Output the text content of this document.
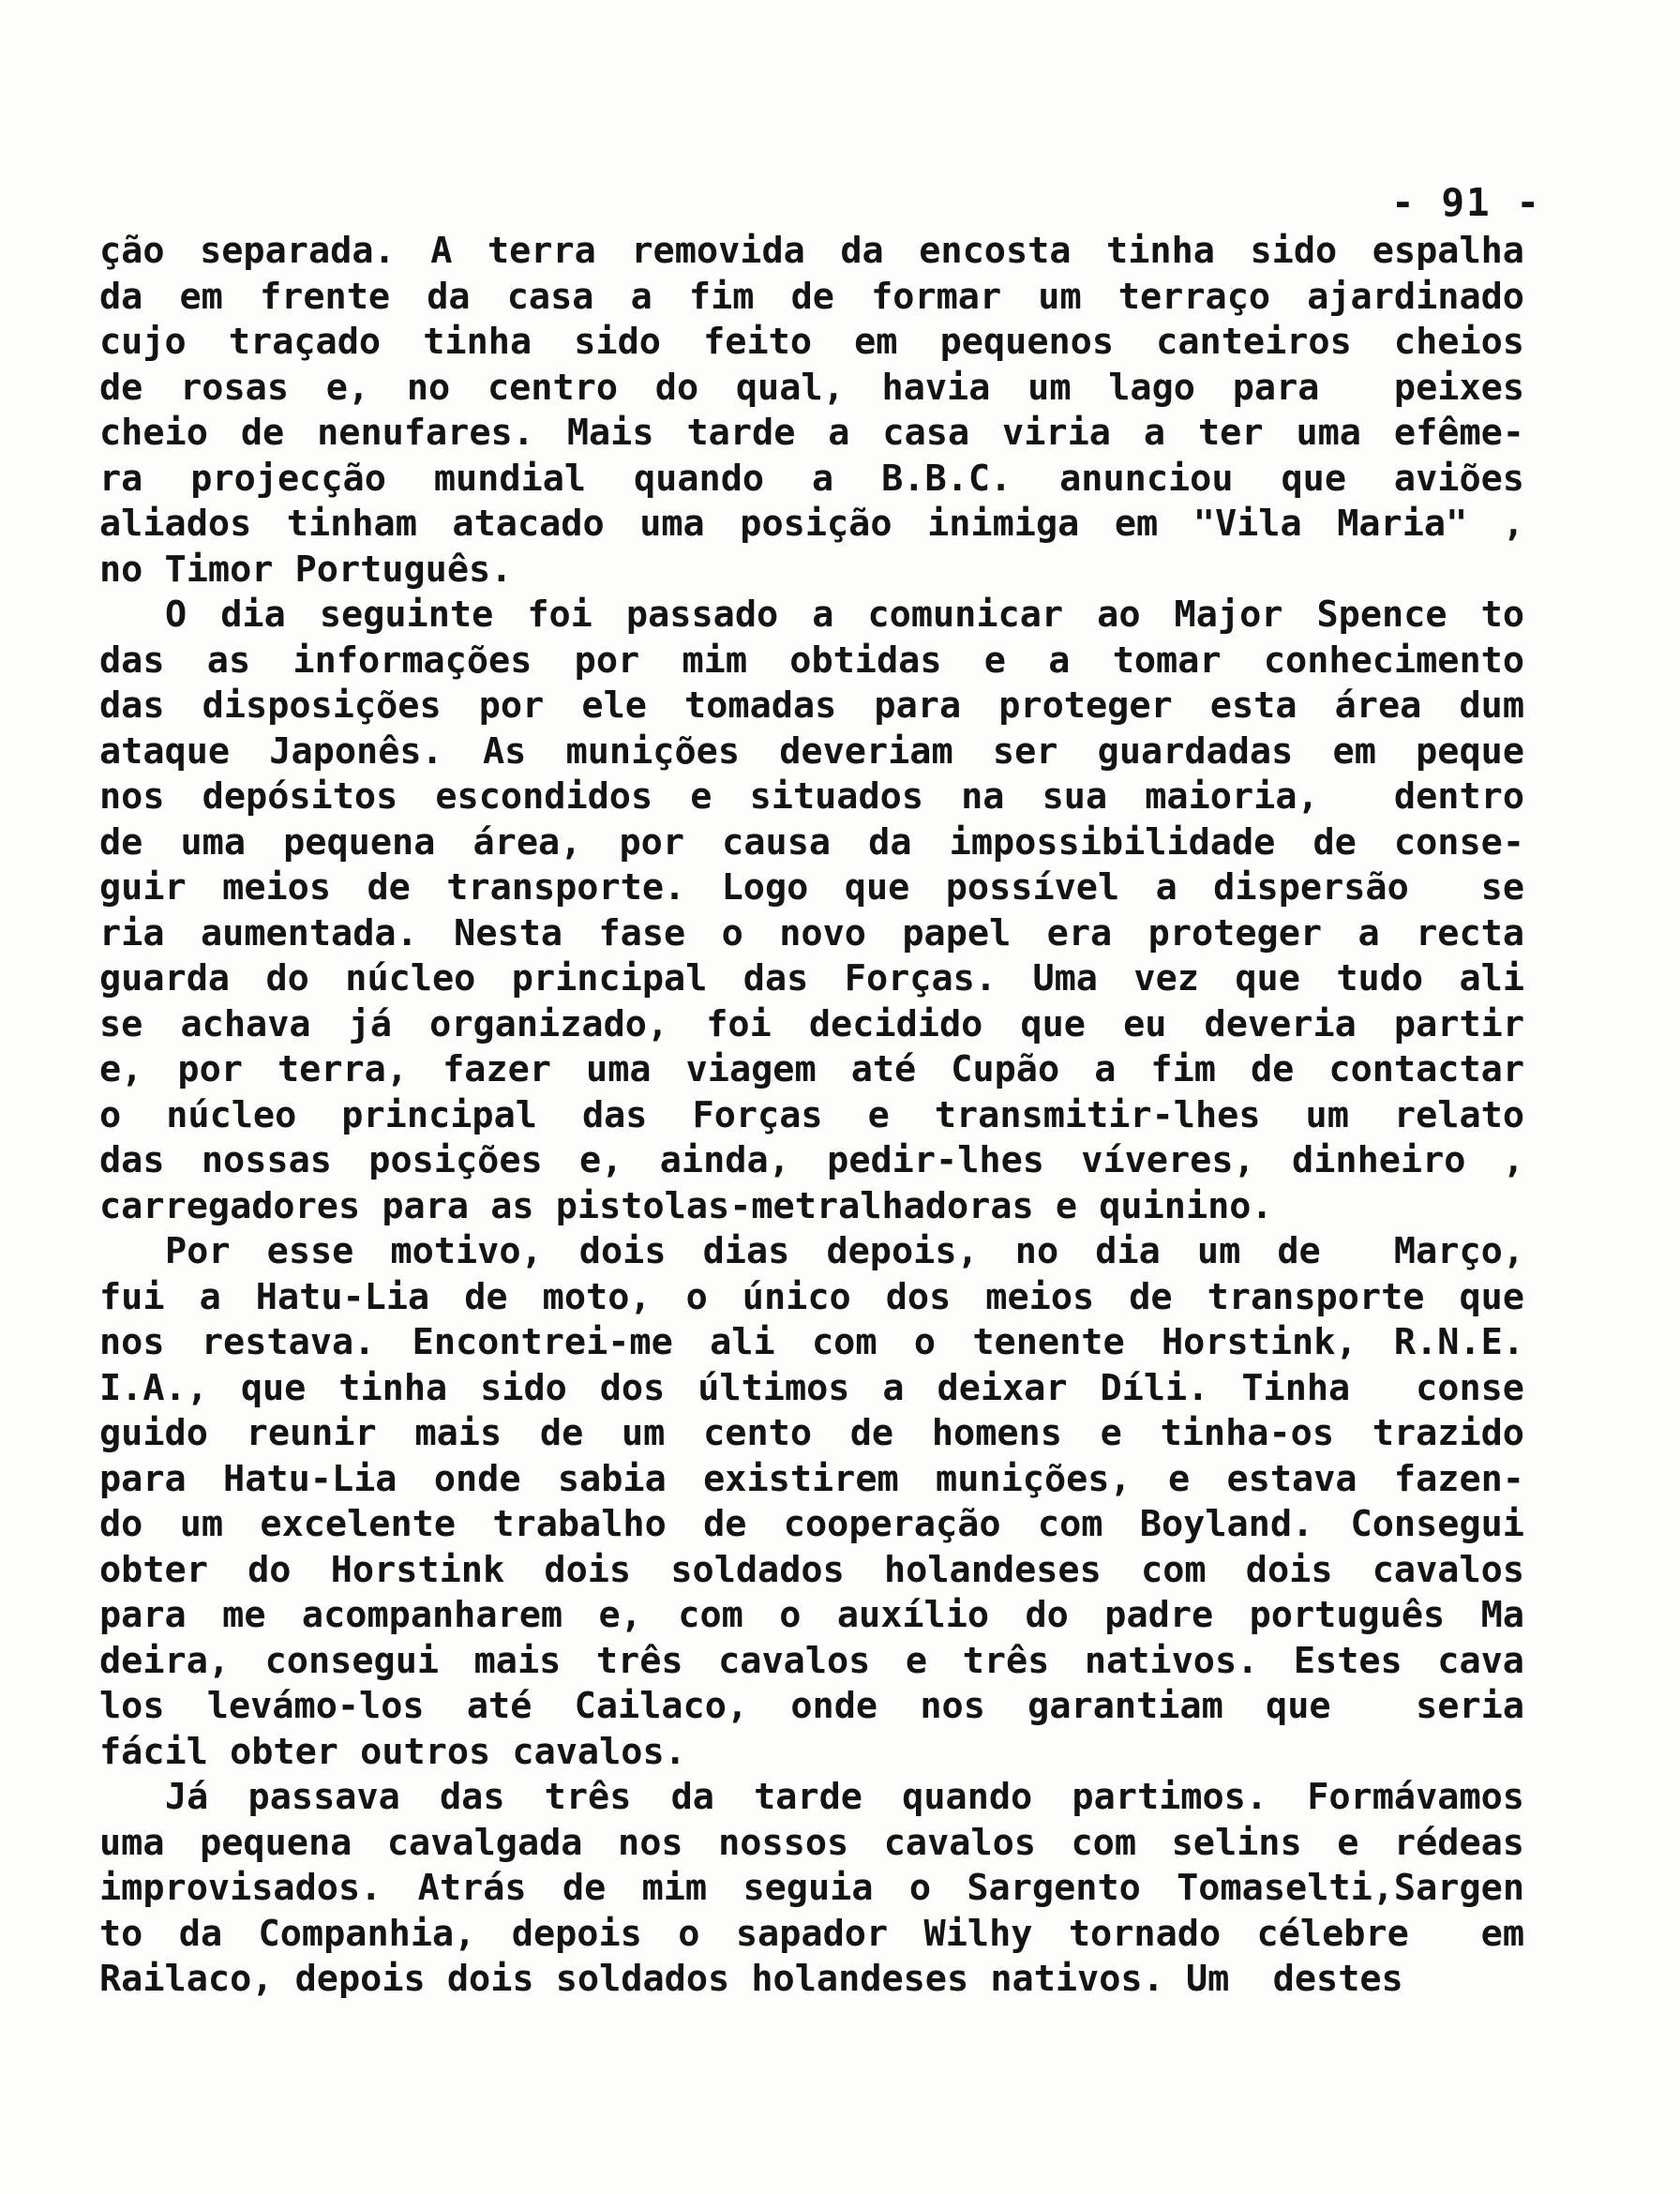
- 91 -
ção separada. A terra removida da encosta tinha sido espalha
da em frente da casa a fim de formar um terraço ajardinado
cujo traçado tinha sido feito em pequenos canteiros cheios
de rosas e, no centro do qual, havia um lago para  peixes
cheio de nenufares. Mais tarde a casa viria a ter uma efême-
ra projecção mundial quando a B.B.C. anunciou que aviões
aliados tinham atacado uma posição inimiga em "Vila Maria" ,
no Timor Português.
O dia seguinte foi passado a comunicar ao Major Spence to
das as informações por mim obtidas e a tomar conhecimento
das disposições por ele tomadas para proteger esta área dum
ataque Japonês. As munições deveriam ser guardadas em peque
nos depósitos escondidos e situados na sua maioria,  dentro
de uma pequena área, por causa da impossibilidade de conse-
guir meios de transporte. Logo que possível a dispersão  se
ria aumentada. Nesta fase o novo papel era proteger a recta
guarda do núcleo principal das Forças. Uma vez que tudo ali
se achava já organizado, foi decidido que eu deveria partir
e, por terra, fazer uma viagem até Cupão a fim de contactar
o núcleo principal das Forças e transmitir-lhes um relato
das nossas posições e, ainda, pedir-lhes víveres, dinheiro ,
carregadores para as pistolas-metralhadoras e quinino.
Por esse motivo, dois dias depois, no dia um de  Março,
fui a Hatu-Lia de moto, o único dos meios de transporte que
nos restava. Encontrei-me ali com o tenente Horstink, R.N.E.
I.A., que tinha sido dos últimos a deixar Díli. Tinha  conse
guido reunir mais de um cento de homens e tinha-os trazido
para Hatu-Lia onde sabia existirem munições, e estava fazen-
do um excelente trabalho de cooperação com Boyland. Consegui
obter do Horstink dois soldados holandeses com dois cavalos
para me acompanharem e, com o auxílio do padre português Ma
deira, consegui mais três cavalos e três nativos. Estes cava
los levámo-los até Cailaco, onde nos garantiam que  seria
fácil obter outros cavalos.
Já passava das três da tarde quando partimos. Formávamos
uma pequena cavalgada nos nossos cavalos com selins e rédeas
improvisados. Atrás de mim seguia o Sargento Tomaselti,Sargen
to da Companhia, depois o sapador Wilhy tornado célebre  em
Railaco, depois dois soldados holandeses nativos. Um  destes
